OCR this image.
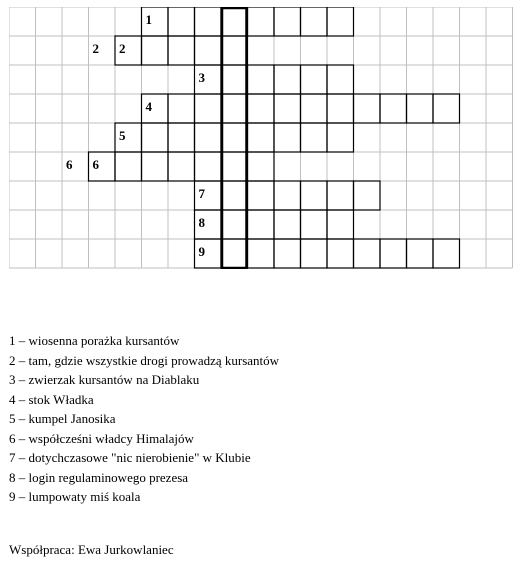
1
2
2
3
4
5
6
6
7
8
9
1 – wiosenna porażka kursantów
2 – tam, gdzie wszystkie drogi prowadzą kursantów
3 – zwierzak kursantów na Diablaku
4 – stok Władka
5 – kumpel Janosika
6 – współcześni władcy Himalajów
7 – dotychczasowe "nic nierobienie" w Klubie
8 – login regulaminowego prezesa
9 – lumpowaty miś koala
Współpraca: Ewa Jurkowlaniec
